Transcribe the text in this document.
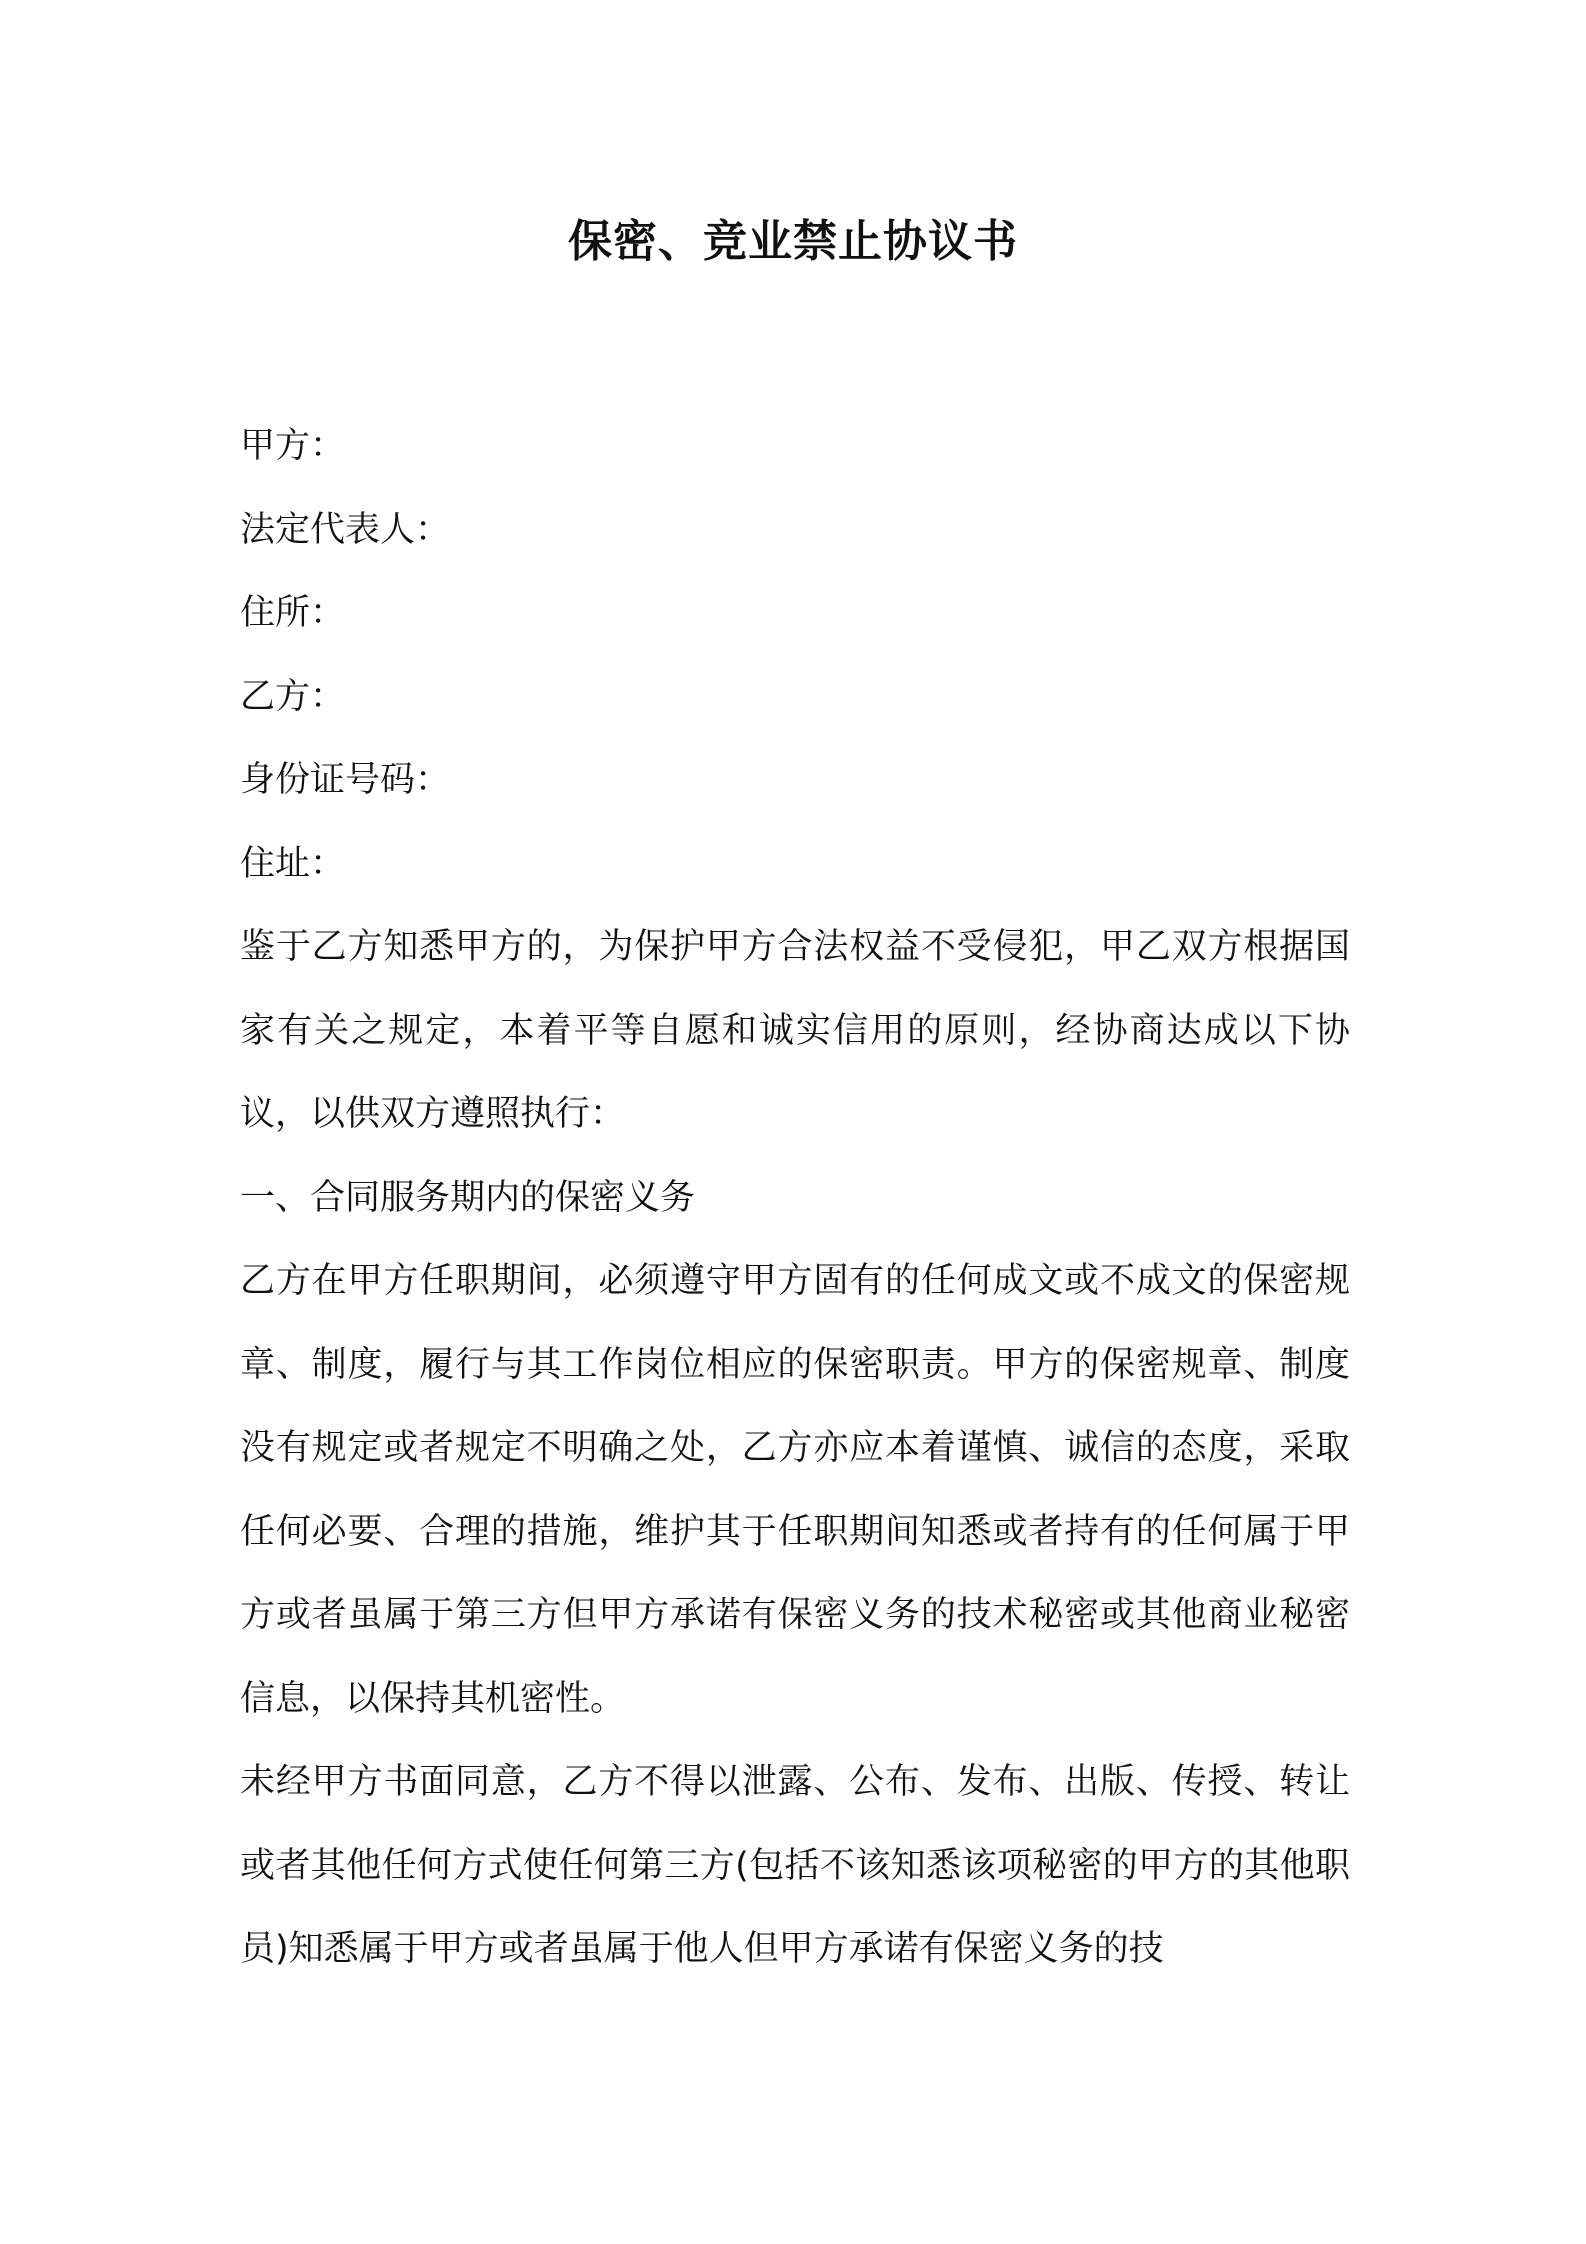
保密、竞业禁止协议书
甲方：
法定代表人：
住所：
乙方：
身份证号码：
住址：
鉴于乙方知悉甲方的，为保护甲方合法权益不受侵犯，甲乙双方根据国家有关之规定，本着平等自愿和诚实信用的原则，经协商达成以下协议，以供双方遵照执行：
一、合同服务期内的保密义务
乙方在甲方任职期间，必须遵守甲方固有的任何成文或不成文的保密规章、制度，履行与其工作岗位相应的保密职责。甲方的保密规章、制度没有规定或者规定不明确之处，乙方亦应本着谨慎、诚信的态度，采取任何必要、合理的措施，维护其于任职期间知悉或者持有的任何属于甲方或者虽属于第三方但甲方承诺有保密义务的技术秘密或其他商业秘密信息，以保持其机密性。
未经甲方书面同意，乙方不得以泄露、公布、发布、出版、传授、转让或者其他任何方式使任何第三方(包括不该知悉该项秘密的甲方的其他职员)知悉属于甲方或者虽属于他人但甲方承诺有保密义务的技
